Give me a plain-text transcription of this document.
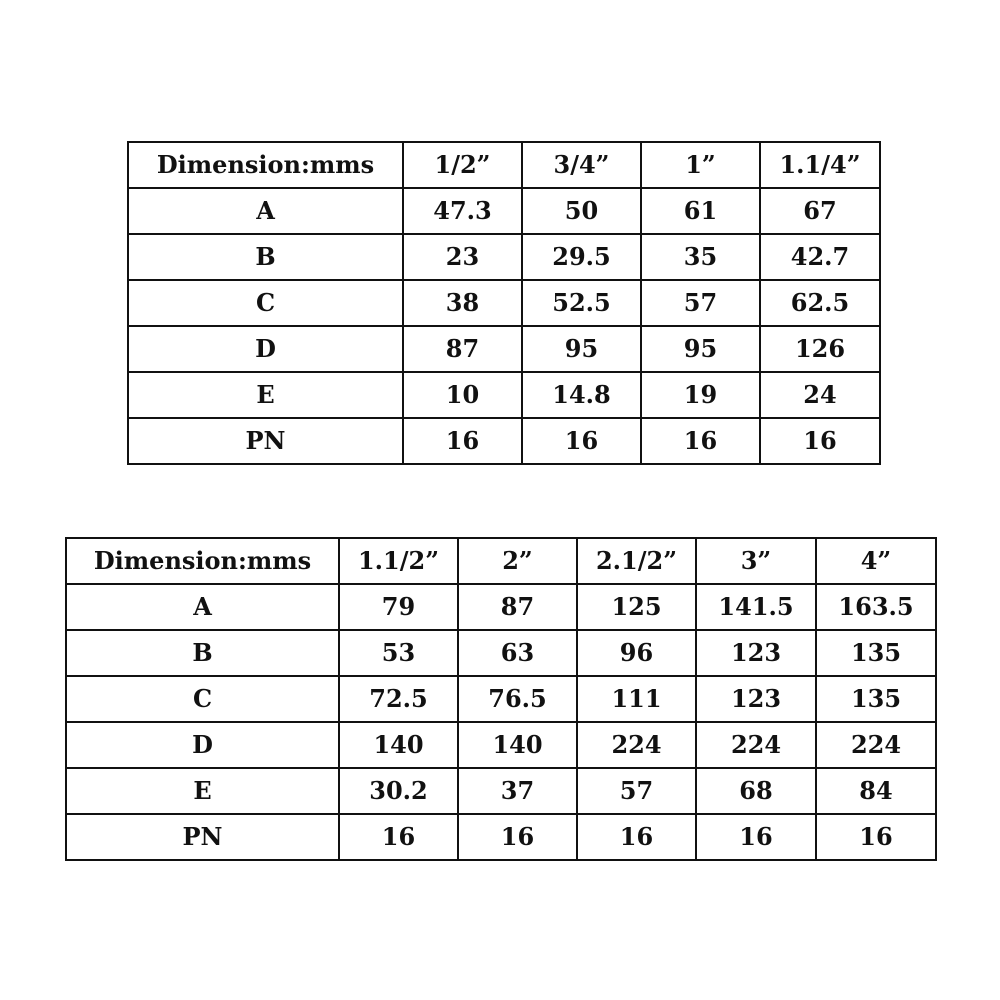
Dimension:mms	1/2”	3/4”	1”	1.1/4”
A	47.3	50	61	67
B	23	29.5	35	42.7
C	38	52.5	57	62.5
D	87	95	95	126
E	10	14.8	19	24
PN	16	16	16	16
Dimension:mms	1.1/2”	2”	2.1/2”	3”	4”
A	79	87	125	141.5	163.5
B	53	63	96	123	135
C	72.5	76.5	111	123	135
D	140	140	224	224	224
E	30.2	37	57	68	84
PN	16	16	16	16	16
